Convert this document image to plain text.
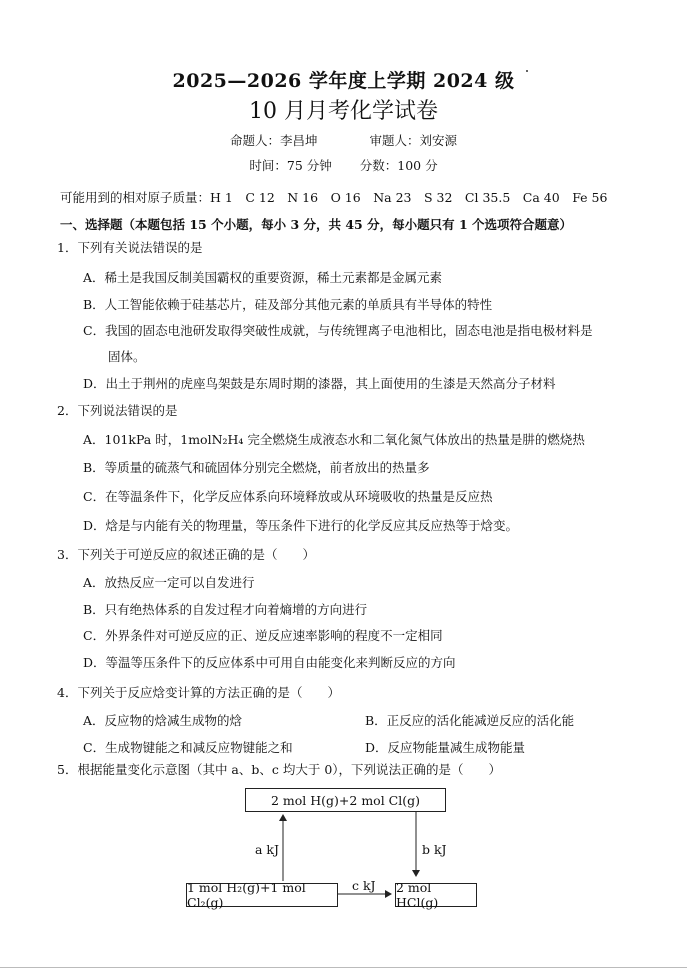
2025—2026 学年度上学期 2024 级
10 月月考化学试卷
命题人：李昌坤	审题人：刘安源
时间：75 分钟 分数：100 分
可能用到的相对原子质量：H 1　C 12　N 16　O 16　Na 23　S 32　Cl 35.5　Ca 40　Fe 56
一、选择题（本题包括 15 个小题，每小 3 分，共 45 分，每小题只有 1 个选项符合题意）
1．下列有关说法错误的是
A．稀土是我国反制美国霸权的重要资源，稀土元素都是金属元素
B．人工智能依赖于硅基芯片，硅及部分其他元素的单质具有半导体的特性
C．我国的固态电池研发取得突破性成就，与传统锂离子电池相比，固态电池是指电极材料是
固体。
D．出土于荆州的虎座鸟架鼓是东周时期的漆器，其上面使用的生漆是天然高分子材料
2．下列说法错误的是
A．101kPa 时，1molN₂H₄ 完全燃烧生成液态水和二氧化氮气体放出的热量是肼的燃烧热
B．等质量的硫蒸气和硫固体分别完全燃烧，前者放出的热量多
C．在等温条件下，化学反应体系向环境释放或从环境吸收的热量是反应热
D．焓是与内能有关的物理量，等压条件下进行的化学反应其反应热等于焓变。
3．下列关于可逆反应的叙述正确的是（　　）
A．放热反应一定可以自发进行
B．只有绝热体系的自发过程才向着熵增的方向进行
C．外界条件对可逆反应的正、逆反应速率影响的程度不一定相同
D．等温等压条件下的反应体系中可用自由能变化来判断反应的方向
4．下列关于反应焓变计算的方法正确的是（　　）
A．反应物的焓减生成物的焓	B．正反应的活化能减逆反应的活化能
C．生成物键能之和减反应物键能之和	D．反应物能量减生成物能量
5．根据能量变化示意图（其中 a、b、c 均大于 0），下列说法正确的是（　　）
2 mol H(g)+2 mol Cl(g)
1 mol H₂(g)+1 mol Cl₂(g)
2 mol HCl(g)
a kJ	b kJ
c kJ
